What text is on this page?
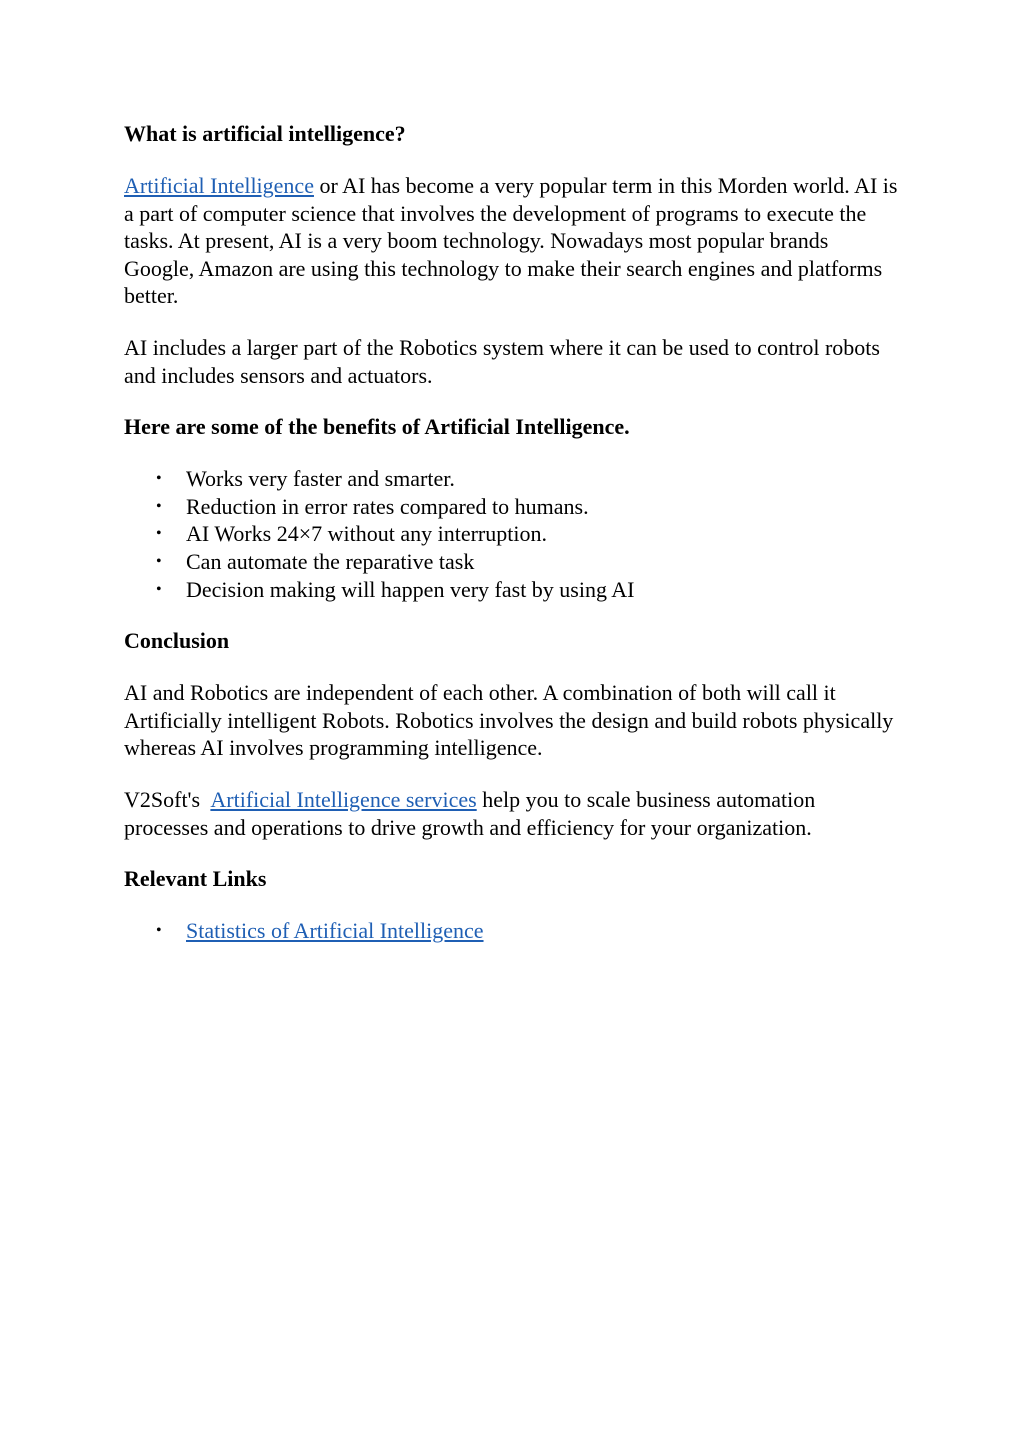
What is artificial intelligence?

Artificial Intelligence or AI has become a very popular term in this Morden world. AI is a part of computer science that involves the development of programs to execute the tasks. At present, AI is a very boom technology. Nowadays most popular brands Google, Amazon are using this technology to make their search engines and platforms better.

AI includes a larger part of the Robotics system where it can be used to control robots and includes sensors and actuators.

Here are some of the benefits of Artificial Intelligence.
• Works very faster and smarter.
• Reduction in error rates compared to humans.
• AI Works 24×7 without any interruption.
• Can automate the reparative task
• Decision making will happen very fast by using AI
Conclusion

AI and Robotics are independent of each other. A combination of both will call it Artificially intelligent Robots. Robotics involves the design and build robots physically whereas AI involves programming intelligence.

V2Soft's Artificial Intelligence services help you to scale business automation processes and operations to drive growth and efficiency for your organization.

Relevant Links
• Statistics of Artificial Intelligence
